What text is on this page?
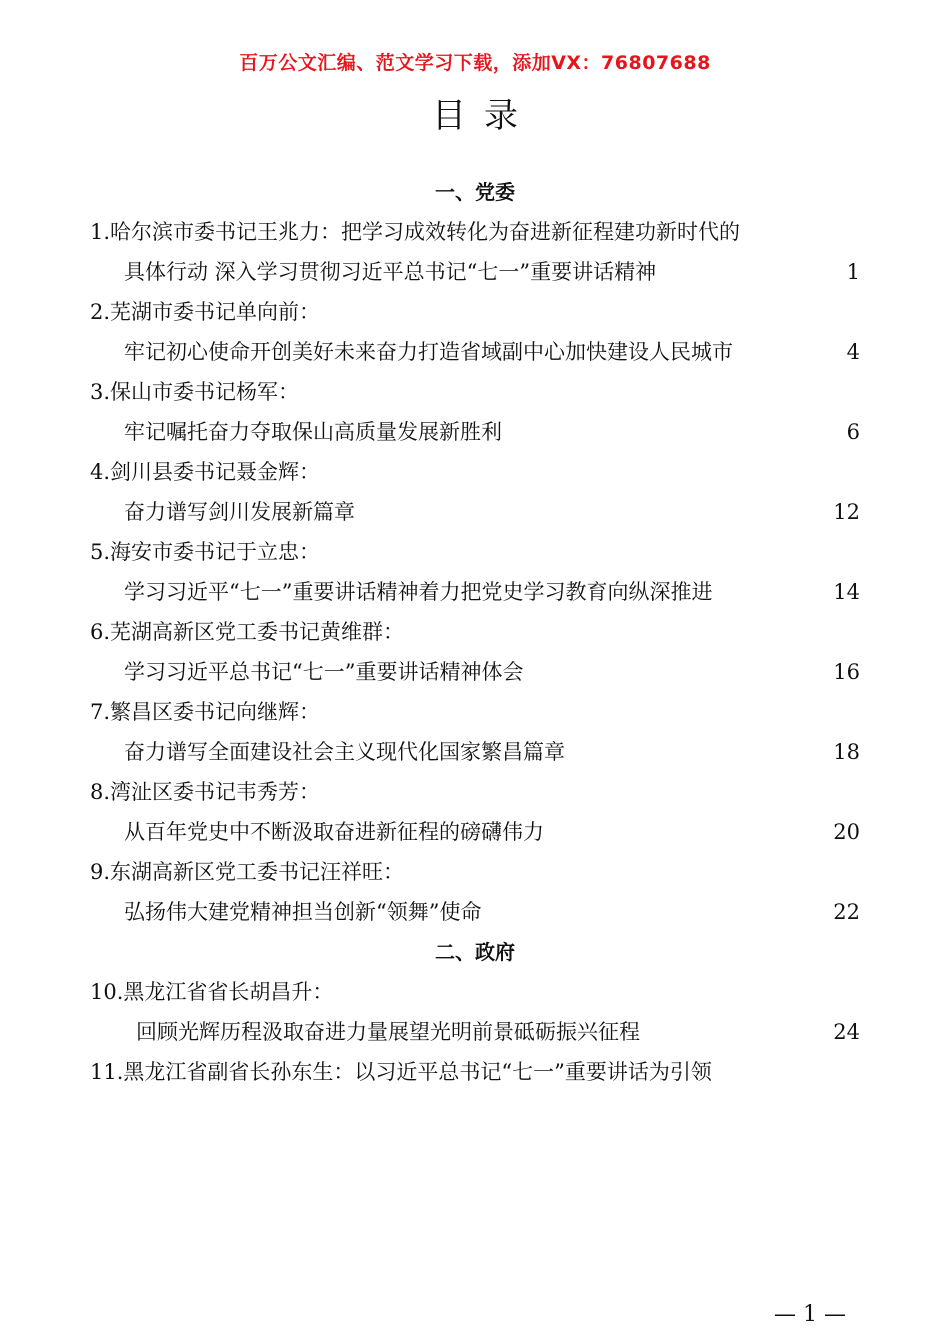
百万公文汇编、范文学习下载，添加VX：76807688
目录
一、党委
1.哈尔滨市委书记王兆力：把学习成效转化为奋进新征程建功新时代的
具体行动 深入学习贯彻习近平总书记“七一”重要讲话精神	1
2.芜湖市委书记单向前：
牢记初心使命开创美好未来奋力打造省域副中心加快建设人民城市	4
3.保山市委书记杨军：
牢记嘱托奋力夺取保山高质量发展新胜利	6
4.剑川县委书记聂金辉：
奋力谱写剑川发展新篇章	12
5.海安市委书记于立忠：
学习习近平“七一”重要讲话精神着力把党史学习教育向纵深推进	14
6.芜湖高新区党工委书记黄维群：
学习习近平总书记“七一”重要讲话精神体会	16
7.繁昌区委书记向继辉：
奋力谱写全面建设社会主义现代化国家繁昌篇章	18
8.湾沚区委书记韦秀芳：
从百年党史中不断汲取奋进新征程的磅礴伟力	20
9.东湖高新区党工委书记汪祥旺：
弘扬伟大建党精神担当创新“领舞”使命	22
二、政府
10.黑龙江省省长胡昌升：
回顾光辉历程汲取奋进力量展望光明前景砥砺振兴征程	24
11.黑龙江省副省长孙东生：以习近平总书记“七一”重要讲话为引领
— 1 —
